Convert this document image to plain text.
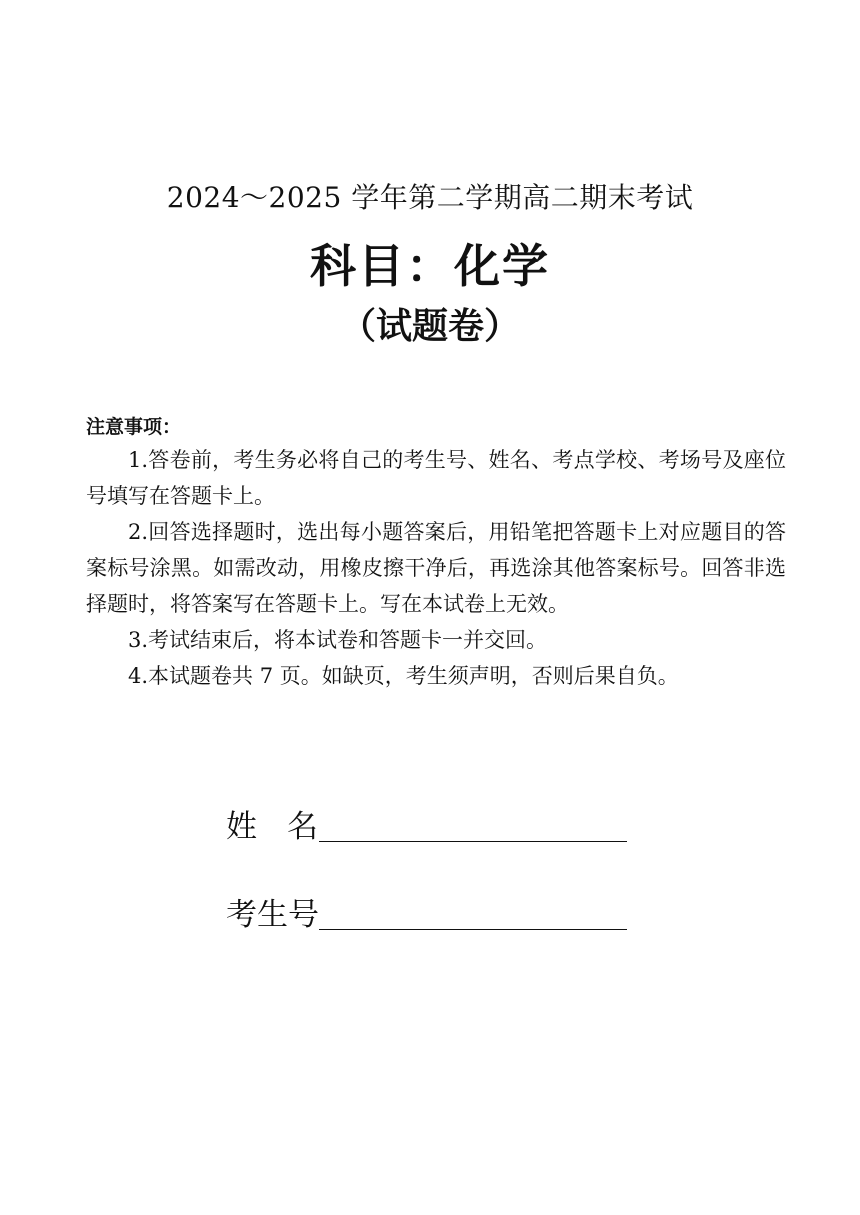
2024～2025 学年第二学期高二期末考试
科目：化学
（试题卷）
注意事项：

1.答卷前，考生务必将自己的考生号、姓名、考点学校、考场号及座位号填写在答题卡上。

2.回答选择题时，选出每小题答案后，用铅笔把答题卡上对应题目的答案标号涂黑。如需改动，用橡皮擦干净后，再选涂其他答案标号。回答非选择题时，将答案写在答题卡上。写在本试卷上无效。

3.考试结束后，将本试卷和答题卡一并交回。

4.本试题卷共 7 页。如缺页，考生须声明，否则后果自负。

姓名
考生号
